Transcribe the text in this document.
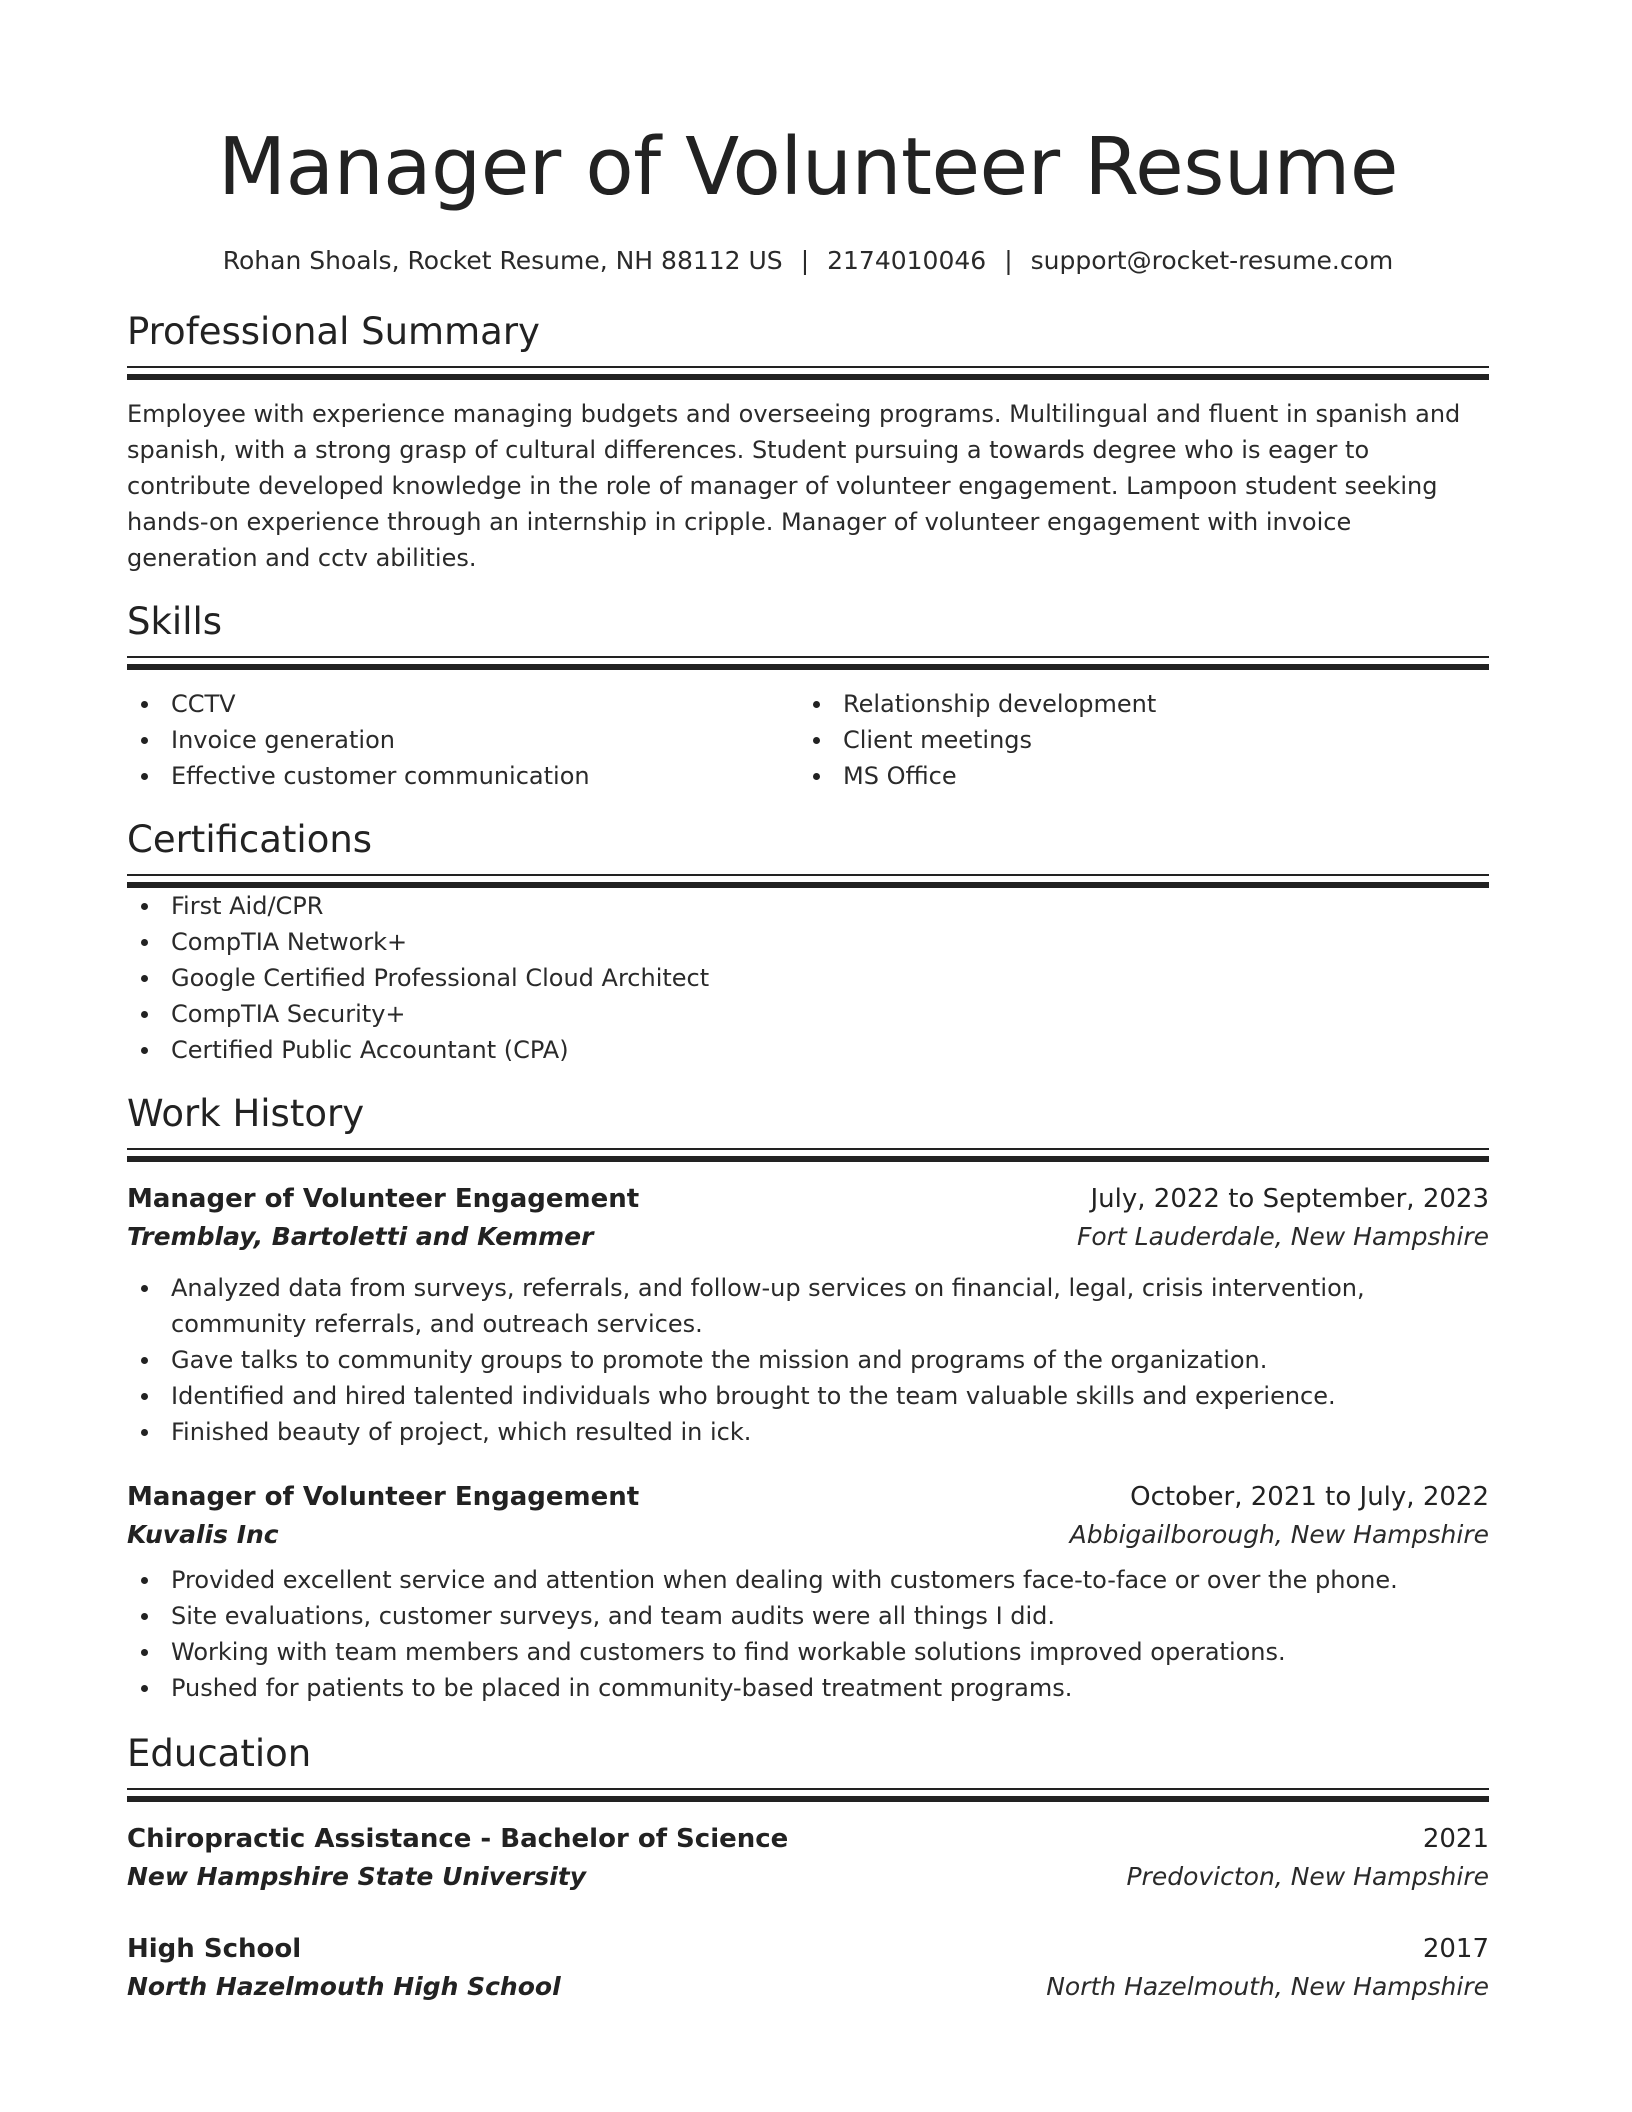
Manager of Volunteer Resume
Rohan Shoals, Rocket Resume, NH 88112 US | 2174010046 | support@rocket-resume.com
Professional Summary
Employee with experience managing budgets and overseeing programs. Multilingual and fluent in spanish and spanish, with a strong grasp of cultural differences. Student pursuing a towards degree who is eager to contribute developed knowledge in the role of manager of volunteer engagement. Lampoon student seeking hands-on experience through an internship in cripple. Manager of volunteer engagement with invoice generation and cctv abilities.
Skills
CCTV
Invoice generation
Effective customer communication
Relationship development
Client meetings
MS Office
Certifications
First Aid/CPR
CompTIA Network+
Google Certified Professional Cloud Architect
CompTIA Security+
Certified Public Accountant (CPA)
Work History
Manager of Volunteer Engagement	July, 2022 to September, 2023
Tremblay, Bartoletti and Kemmer	Fort Lauderdale, New Hampshire
Analyzed data from surveys, referrals, and follow-up services on financial, legal, crisis intervention, community referrals, and outreach services.
Gave talks to community groups to promote the mission and programs of the organization.
Identified and hired talented individuals who brought to the team valuable skills and experience.
Finished beauty of project, which resulted in ick.
Manager of Volunteer Engagement	October, 2021 to July, 2022
Kuvalis Inc	Abbigailborough, New Hampshire
Provided excellent service and attention when dealing with customers face-to-face or over the phone.
Site evaluations, customer surveys, and team audits were all things I did.
Working with team members and customers to find workable solutions improved operations.
Pushed for patients to be placed in community-based treatment programs.
Education
Chiropractic Assistance - Bachelor of Science	2021
New Hampshire State University	Predovicton, New Hampshire
High School	2017
North Hazelmouth High School	North Hazelmouth, New Hampshire
